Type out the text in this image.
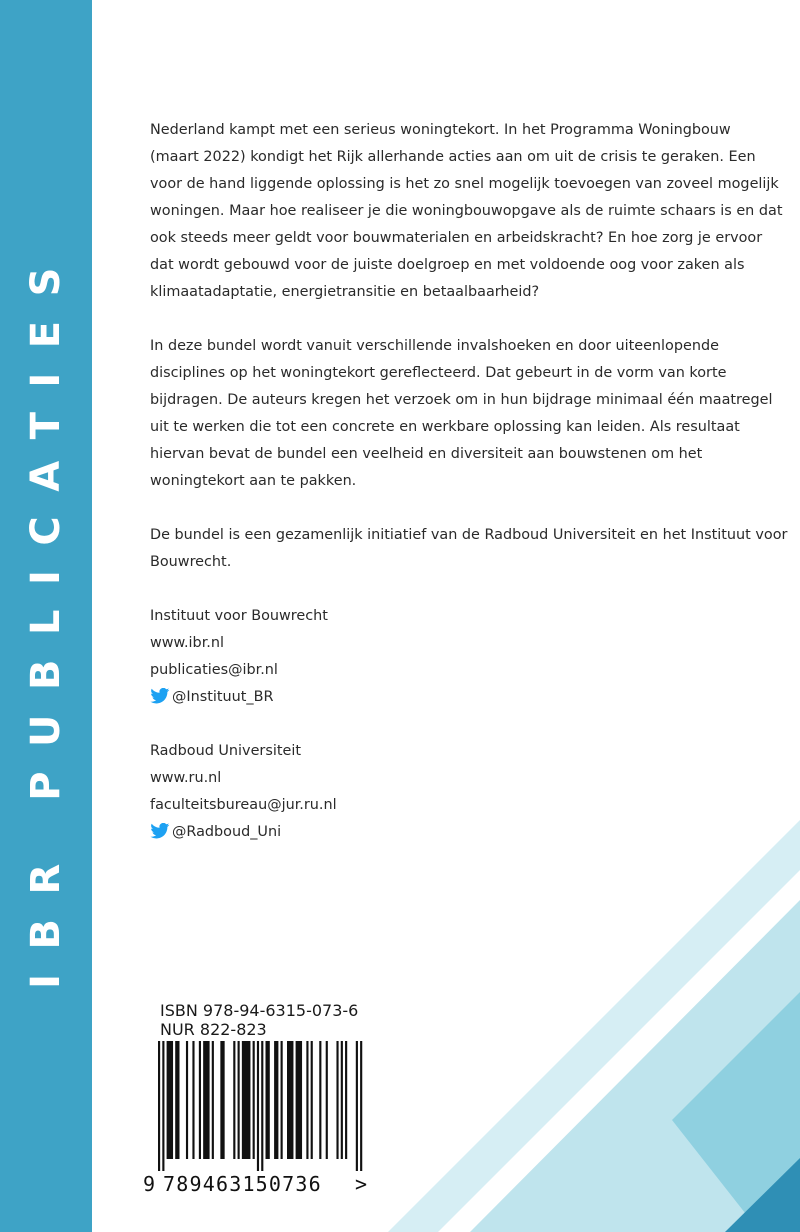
IBR PUBLICATIES

Nederland kampt met een serieus woningtekort. In het Programma Woningbouw
(maart 2022) kondigt het Rijk allerhande acties aan om uit de crisis te geraken. Een
voor de hand liggende oplossing is het zo snel mogelijk toevoegen van zoveel mogelijk
woningen. Maar hoe realiseer je die woningbouwopgave als de ruimte schaars is en dat
ook steeds meer geldt voor bouwmaterialen en arbeidskracht? En hoe zorg je ervoor
dat wordt gebouwd voor de juiste doelgroep en met voldoende oog voor zaken als
klimaatadaptatie, energietransitie en betaalbaarheid?

In deze bundel wordt vanuit verschillende invalshoeken en door uiteenlopende
disciplines op het woningtekort gereflecteerd. Dat gebeurt in de vorm van korte
bijdragen. De auteurs kregen het verzoek om in hun bijdrage minimaal één maatregel
uit te werken die tot een concrete en werkbare oplossing kan leiden. Als resultaat
hiervan bevat de bundel een veelheid en diversiteit aan bouwstenen om het
woningtekort aan te pakken.

De bundel is een gezamenlijk initiatief van de Radboud Universiteit en het Instituut voor
Bouwrecht.

Instituut voor Bouwrecht
www.ibr.nl
publicaties@ibr.nl
@Instituut_BR
Radboud Universiteit
www.ru.nl
faculteitsbureau@jur.ru.nl
@Radboud_Uni
ISBN 978-94-6315-073-6
NUR 822-823
9 789463150736 >
